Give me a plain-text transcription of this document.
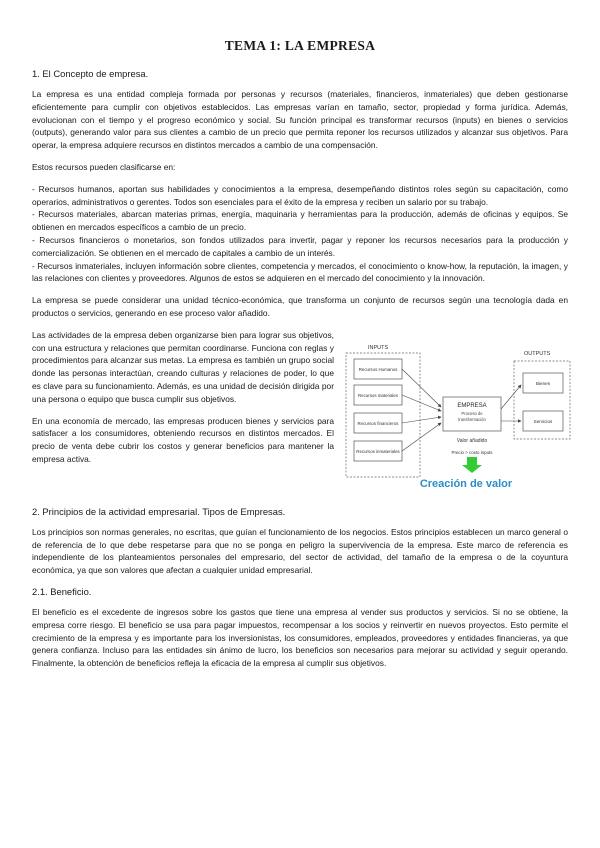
TEMA 1: LA EMPRESA
1. El Concepto de empresa.

La empresa es una entidad compleja formada por personas y recursos (materiales, financieros, inmateriales) que deben gestionarse eficientemente para cumplir con objetivos establecidos. Las empresas varían en tamaño, sector, propiedad y forma jurídica. Además, evolucionan con el tiempo y el progreso económico y social. Su función principal es transformar recursos (inputs) en bienes o servicios (outputs), generando valor para sus clientes a cambio de un precio que permita reponer los recursos utilizados y alcanzar sus objetivos. Para operar, la empresa adquiere recursos en distintos mercados a cambio de una compensación.

Estos recursos pueden clasificarse en:

- Recursos humanos, aportan sus habilidades y conocimientos a la empresa, desempeñando distintos roles según su capacitación, como operarios, administrativos o gerentes. Todos son esenciales para el éxito de la empresa y reciben un salario por su trabajo.

- Recursos materiales, abarcan materias primas, energía, maquinaria y herramientas para la producción, además de oficinas y equipos. Se obtienen en mercados específicos a cambio de un precio.

- Recursos financieros o monetarios, son fondos utilizados para invertir, pagar y reponer los recursos necesarios para la producción y comercialización. Se obtienen en el mercado de capitales a cambio de un interés.

- Recursos inmateriales, incluyen información sobre clientes, competencia y mercados, el conocimiento o know-how, la reputación, la imagen, y las relaciones con clientes y proveedores. Algunos de estos se adquieren en el mercado del conocimiento y la innovación.

La empresa se puede considerar una unidad técnico-económica, que transforma un conjunto de recursos según una tecnología dada en productos o servicios, generando en ese proceso valor añadido.

Las actividades de la empresa deben organizarse bien para lograr sus objetivos, con una estructura y relaciones que permitan coordinarse. Funciona con reglas y procedimientos para alcanzar sus metas. La empresa es también un grupo social donde las personas interactúan, creando culturas y relaciones de poder, lo que es clave para su funcionamiento. Además, es una unidad de decisión dirigida por una persona o equipo que busca cumplir sus objetivos.

En una economía de mercado, las empresas producen bienes y servicios para satisfacer a los consumidores, obteniendo recursos en distintos mercados. El precio de venta debe cubrir los costos y generar beneficios para mantener la empresa activa.

INPUTS
OUTPUTS
Recursos Humanos
Recursos materiales
Recursos financieros
Recursos inmateriales
EMPRESA
Proceso de
transformación
Bienes
Servicios
Valor añadido
Precio > costo inputs
Creación de valor
2. Principios de la actividad empresarial. Tipos de Empresas.

Los principios son normas generales, no escritas, que guían el funcionamiento de los negocios. Estos principios establecen un marco general o de referencia de lo que debe respetarse para que no se ponga en peligro la supervivencia de la empresa. Este marco de referencia es independiente de los planteamientos personales del empresario, del sector de actividad, del tamaño de la empresa o de la coyuntura económica, ya que son valores que afectan a cualquier unidad empresarial.

2.1. Beneficio.

El beneficio es el excedente de ingresos sobre los gastos que tiene una empresa al vender sus productos y servicios. Si no se obtiene, la empresa corre riesgo. El beneficio se usa para pagar impuestos, recompensar a los socios y reinvertir en nuevos proyectos. Esto permite el crecimiento de la empresa y es importante para los inversionistas, los consumidores, empleados, proveedores y entidades financieras, ya que genera confianza. Incluso para las entidades sin ánimo de lucro, los beneficios son necesarios para mejorar su actividad y seguir operando. Finalmente, la obtención de beneficios refleja la eficacia de la empresa al cumplir sus objetivos.
